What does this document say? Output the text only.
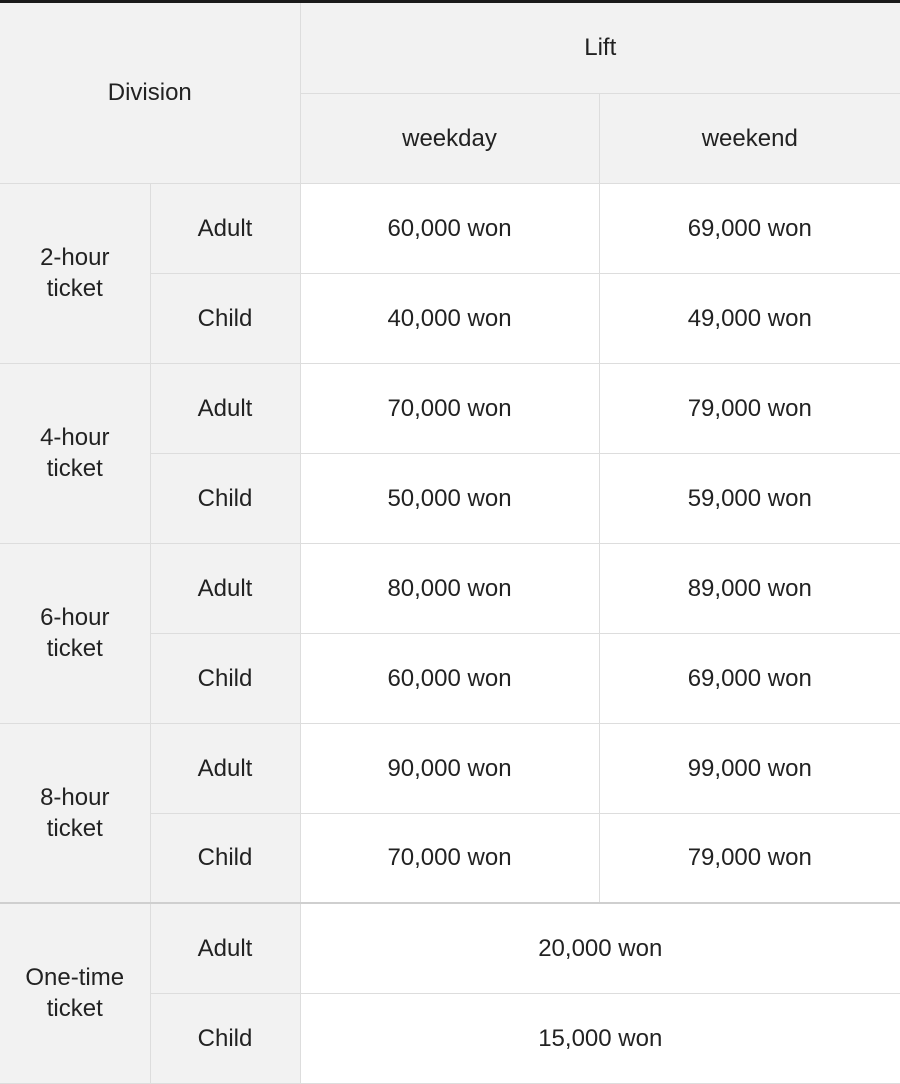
Division		Lift	
		weekday	weekend
2-hour ticket	Adult	60,000 won	69,000 won
	Child	40,000 won	49,000 won
4-hour ticket	Adult	70,000 won	79,000 won
	Child	50,000 won	59,000 won
6-hour ticket	Adult	80,000 won	89,000 won
	Child	60,000 won	69,000 won
8-hour ticket	Adult	90,000 won	99,000 won
	Child	70,000 won	79,000 won
One-time ticket	Adult	20,000 won	
	Child	15,000 won	
